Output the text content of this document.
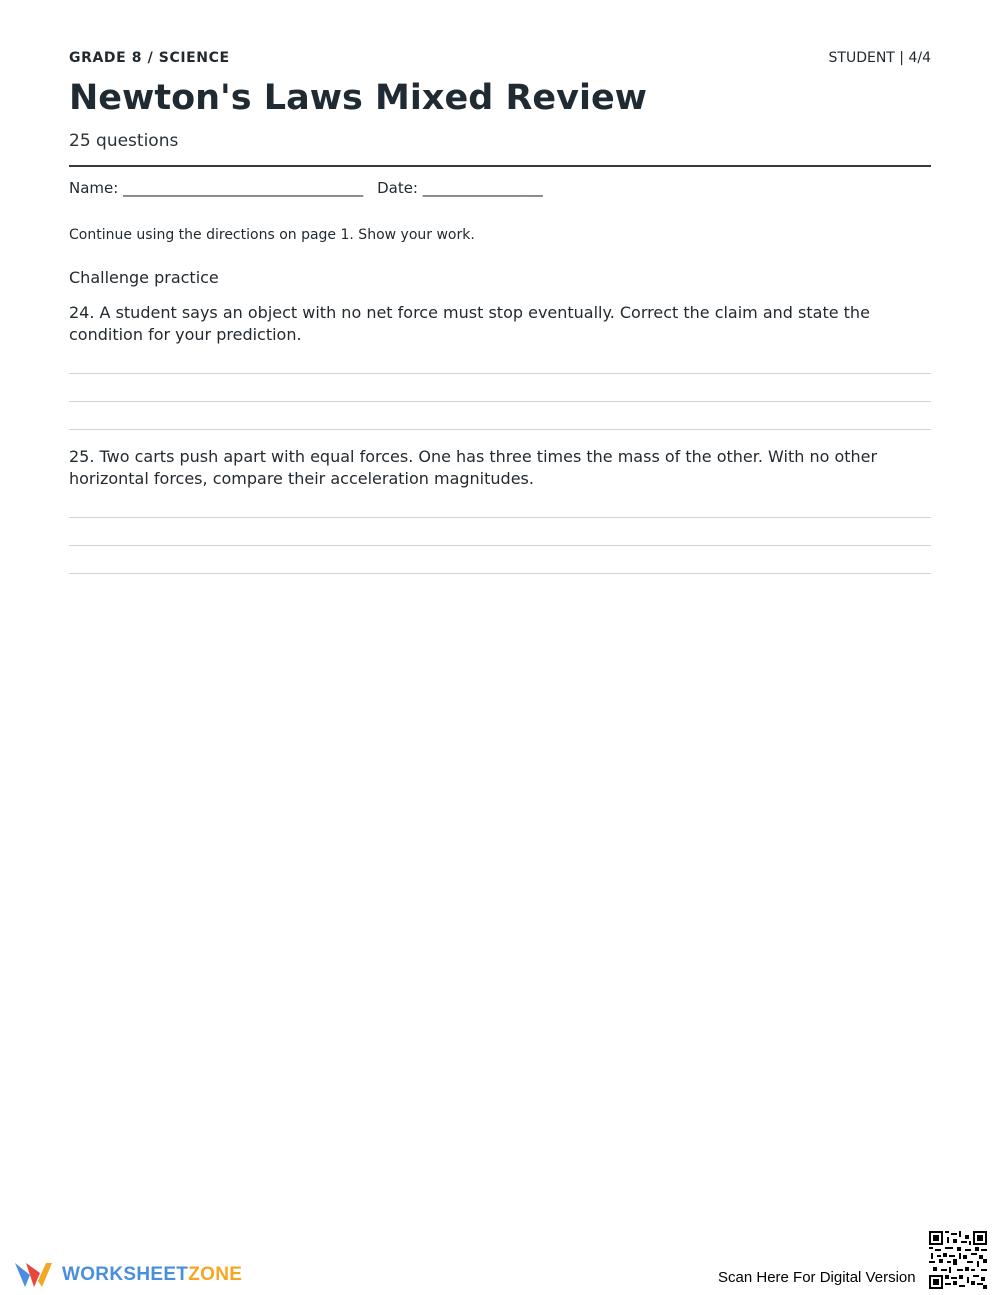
GRADE 8 / SCIENCE	STUDENT | 4/4
Newton's Laws Mixed Review
25 questions
Name: ________________________________ Date: ________________
Continue using the directions on page 1. Show your work.
Challenge practice
24. A student says an object with no net force must stop eventually. Correct the claim and state the condition for your prediction.
25. Two carts push apart with equal forces. One has three times the mass of the other. With no other horizontal forces, compare their acceleration magnitudes.
WORKSHEETZONE	Scan Here For Digital Version
